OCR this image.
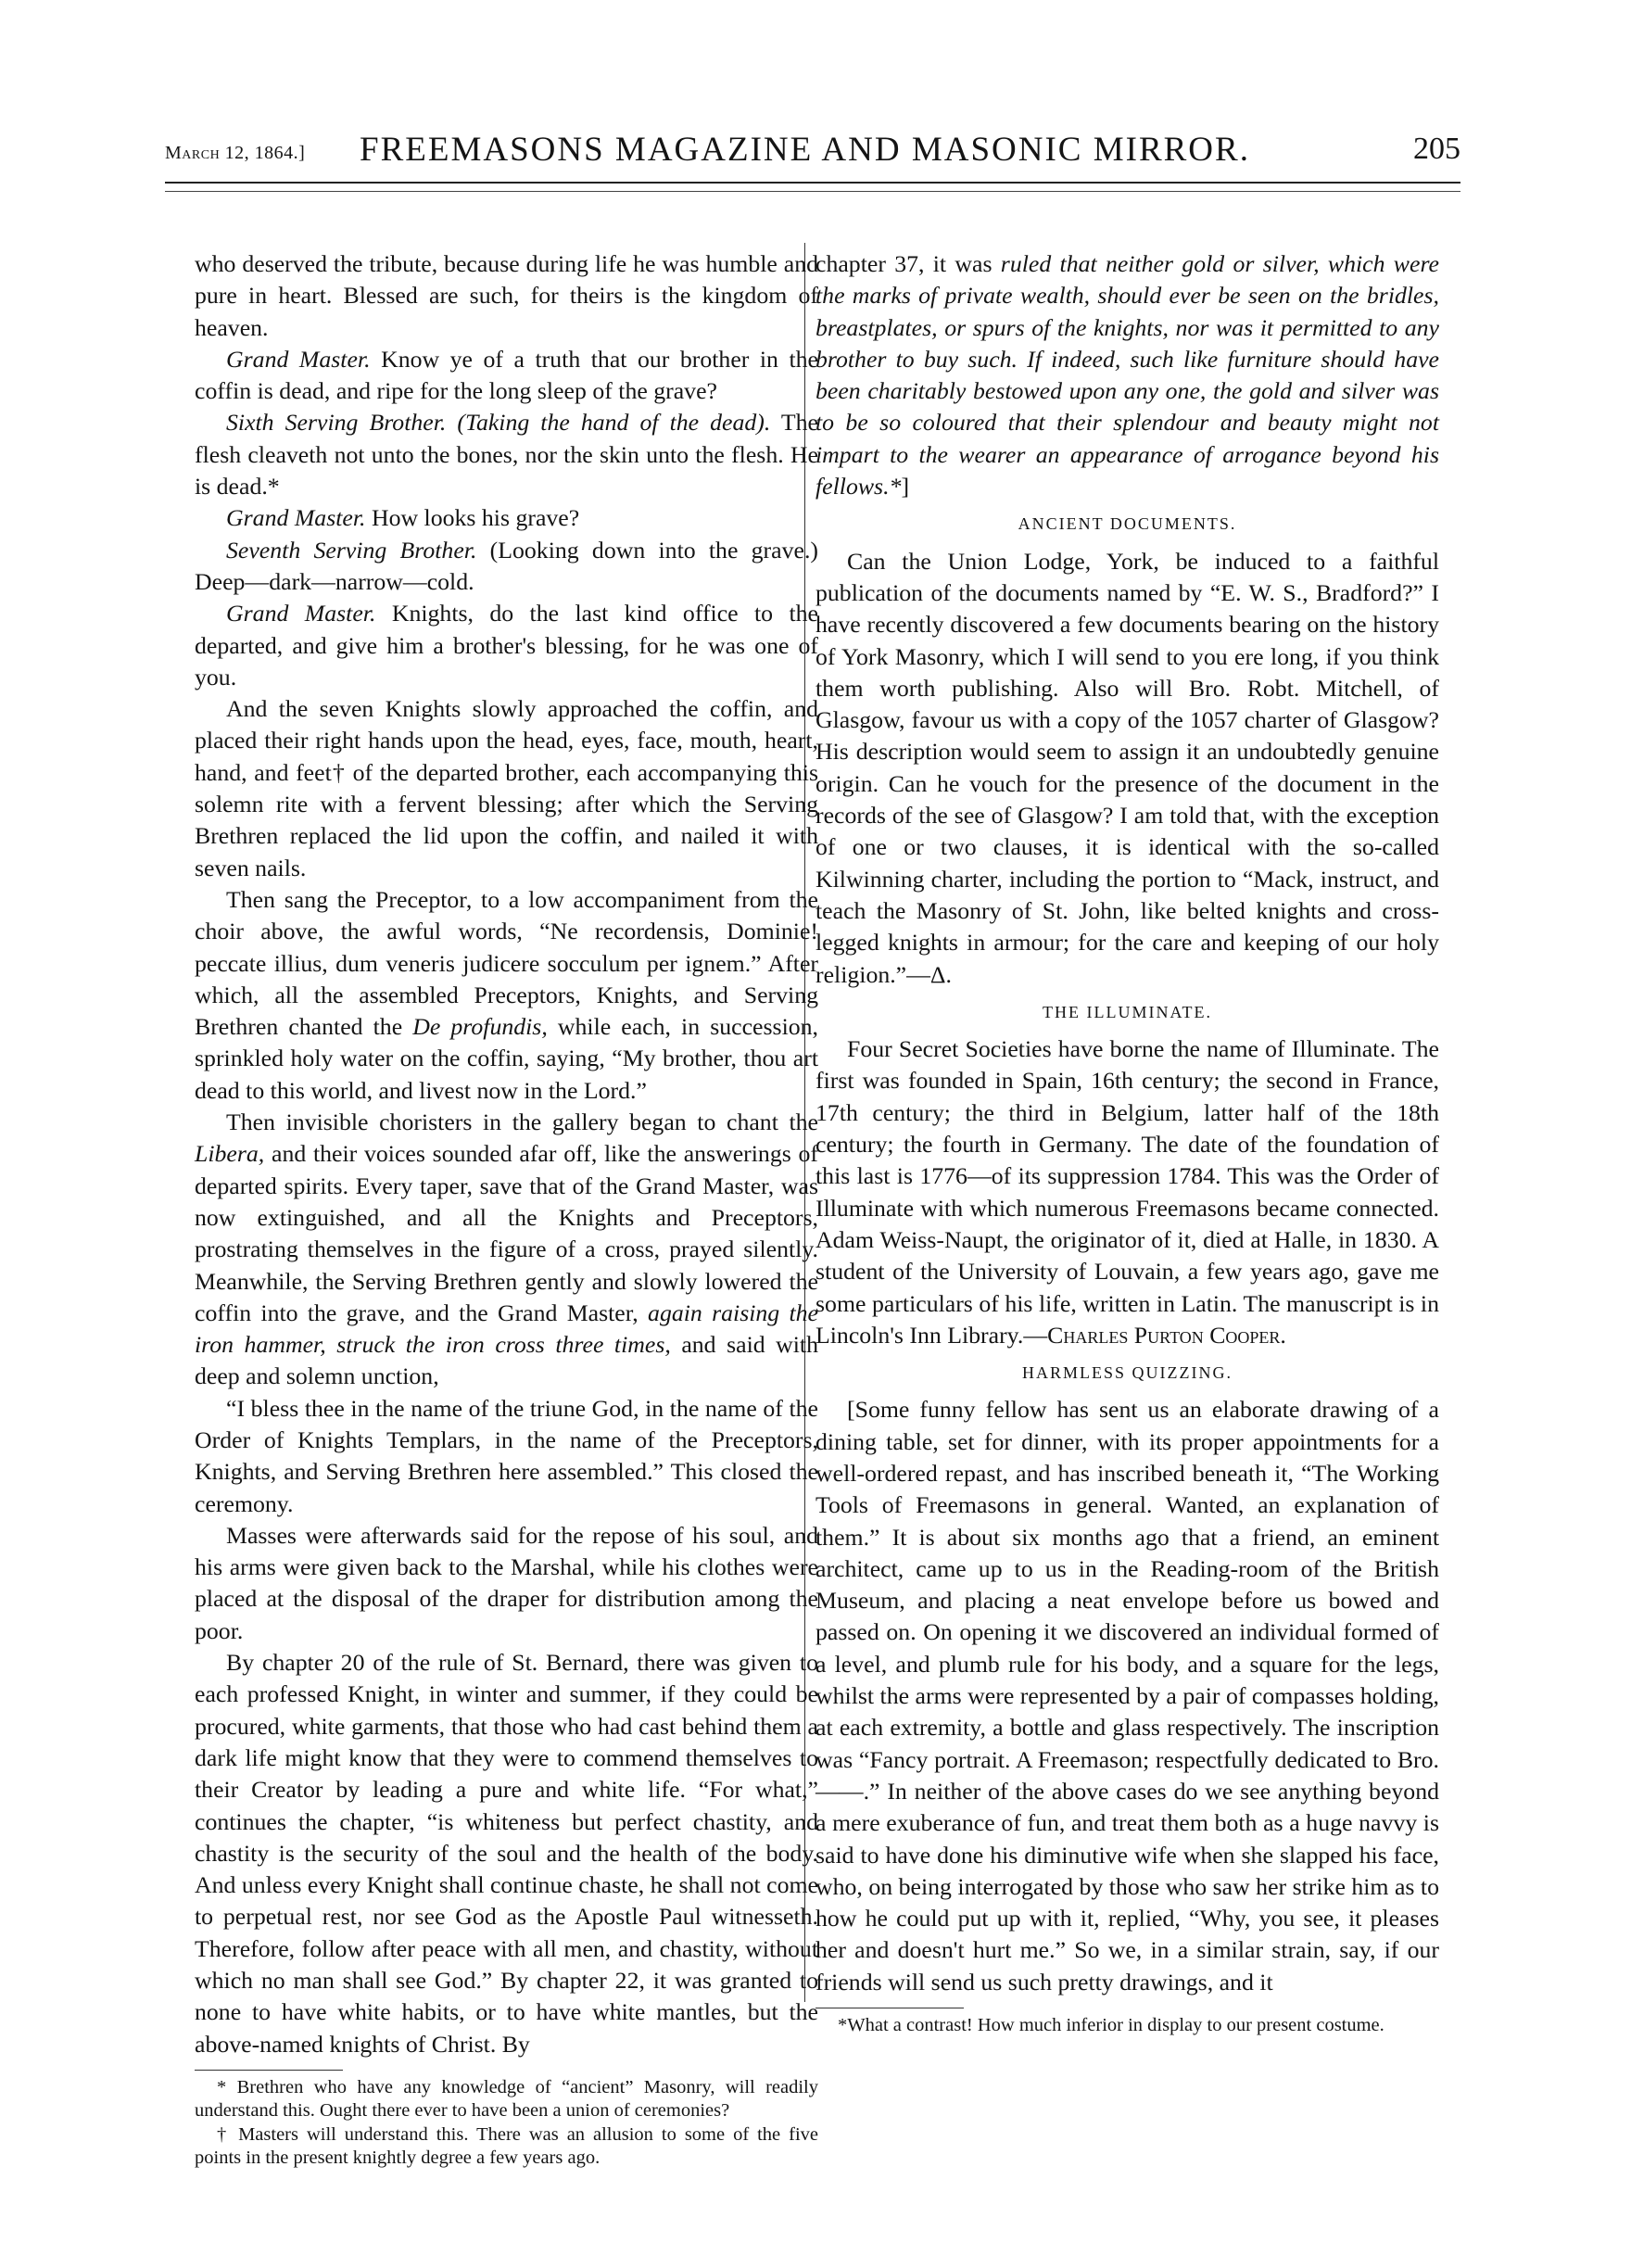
March 12, 1864.] FREEMASONS MAGAZINE AND MASONIC MIRROR.	205

who deserved the tribute, because during life he was humble and pure in heart. Blessed are such, for theirs is the kingdom of heaven.

Grand Master. Know ye of a truth that our brother in the coffin is dead, and ripe for the long sleep of the grave?

Sixth Serving Brother. (Taking the hand of the dead). The flesh cleaveth not unto the bones, nor the skin unto the flesh. He is dead.*

Grand Master. How looks his grave?

Seventh Serving Brother. (Looking down into the grave.) Deep—dark—narrow—cold.

Grand Master. Knights, do the last kind office to the departed, and give him a brother's blessing, for he was one of you.

And the seven Knights slowly approached the coffin, and placed their right hands upon the head, eyes, face, mouth, heart, hand, and feet† of the departed brother, each accompanying this solemn rite with a fervent blessing; after which the Serving Brethren replaced the lid upon the coffin, and nailed it with seven nails.

Then sang the Preceptor, to a low accompaniment from the choir above, the awful words, “Ne recordensis, Dominie! peccate illius, dum veneris judicere socculum per ignem.” After which, all the assembled Preceptors, Knights, and Serving Brethren chanted the De profundis, while each, in succession, sprinkled holy water on the coffin, saying, “My brother, thou art dead to this world, and livest now in the Lord.”

Then invisible choristers in the gallery began to chant the Libera, and their voices sounded afar off, like the answerings of departed spirits. Every taper, save that of the Grand Master, was now extinguished, and all the Knights and Preceptors, prostrating themselves in the figure of a cross, prayed silently. Meanwhile, the Serving Brethren gently and slowly lowered the coffin into the grave, and the Grand Master, again raising the iron hammer, struck the iron cross three times, and said with deep and solemn unction,

“I bless thee in the name of the triune God, in the name of the Order of Knights Templars, in the name of the Preceptors, Knights, and Serving Brethren here assembled.” This closed the ceremony.

Masses were afterwards said for the repose of his soul, and his arms were given back to the Marshal, while his clothes were placed at the disposal of the draper for distribution among the poor.

By chapter 20 of the rule of St. Bernard, there was given to each professed Knight, in winter and summer, if they could be procured, white garments, that those who had cast behind them a dark life might know that they were to commend themselves to their Creator by leading a pure and white life. “For what,” continues the chapter, “is whiteness but perfect chastity, and chastity is the security of the soul and the health of the body. And unless every Knight shall continue chaste, he shall not come to perpetual rest, nor see God as the Apostle Paul witnesseth. Therefore, follow after peace with all men, and chastity, without which no man shall see God.” By chapter 22, it was granted to none to have white habits, or to have white mantles, but the above-named knights of Christ. By

* Brethren who have any knowledge of “ancient” Masonry, will readily understand this. Ought there ever to have been a union of ceremonies?

† Masters will understand this. There was an allusion to some of the five points in the present knightly degree a few years ago.

chapter 37, it was ruled that neither gold or silver, which were the marks of private wealth, should ever be seen on the bridles, breastplates, or spurs of the knights, nor was it permitted to any brother to buy such. If indeed, such like furniture should have been charitably bestowed upon any one, the gold and silver was to be so coloured that their splendour and beauty might not impart to the wearer an appearance of arrogance beyond his fellows.*]

ANCIENT DOCUMENTS.

Can the Union Lodge, York, be induced to a faithful publication of the documents named by “E. W. S., Bradford?” I have recently discovered a few documents bearing on the history of York Masonry, which I will send to you ere long, if you think them worth publishing. Also will Bro. Robt. Mitchell, of Glasgow, favour us with a copy of the 1057 charter of Glasgow? His description would seem to assign it an undoubtedly genuine origin. Can he vouch for the presence of the document in the records of the see of Glasgow? I am told that, with the exception of one or two clauses, it is identical with the so-called Kilwinning charter, including the portion to “Mack, instruct, and teach the Masonry of St. John, like belted knights and cross-legged knights in armour; for the care and keeping of our holy religion.”—Δ.

THE ILLUMINATE.

Four Secret Societies have borne the name of Illuminate. The first was founded in Spain, 16th century; the second in France, 17th century; the third in Belgium, latter half of the 18th century; the fourth in Germany. The date of the foundation of this last is 1776—of its suppression 1784. This was the Order of Illuminate with which numerous Freemasons became connected. Adam Weiss-Naupt, the originator of it, died at Halle, in 1830. A student of the University of Louvain, a few years ago, gave me some particulars of his life, written in Latin. The manuscript is in Lincoln's Inn Library.—Charles Purton Cooper.

HARMLESS QUIZZING.

[Some funny fellow has sent us an elaborate drawing of a dining table, set for dinner, with its proper appointments for a well-ordered repast, and has inscribed beneath it, “The Working Tools of Freemasons in general. Wanted, an explanation of them.” It is about six months ago that a friend, an eminent architect, came up to us in the Reading-room of the British Museum, and placing a neat envelope before us bowed and passed on. On opening it we discovered an individual formed of a level, and plumb rule for his body, and a square for the legs, whilst the arms were represented by a pair of compasses holding, at each extremity, a bottle and glass respectively. The inscription was “Fancy portrait. A Freemason; respectfully dedicated to Bro. ——.” In neither of the above cases do we see anything beyond a mere exuberance of fun, and treat them both as a huge navvy is said to have done his diminutive wife when she slapped his face, who, on being interrogated by those who saw her strike him as to how he could put up with it, replied, “Why, you see, it pleases her and doesn't hurt me.” So we, in a similar strain, say, if our friends will send us such pretty drawings, and it

*What a contrast! How much inferior in display to our present costume.
